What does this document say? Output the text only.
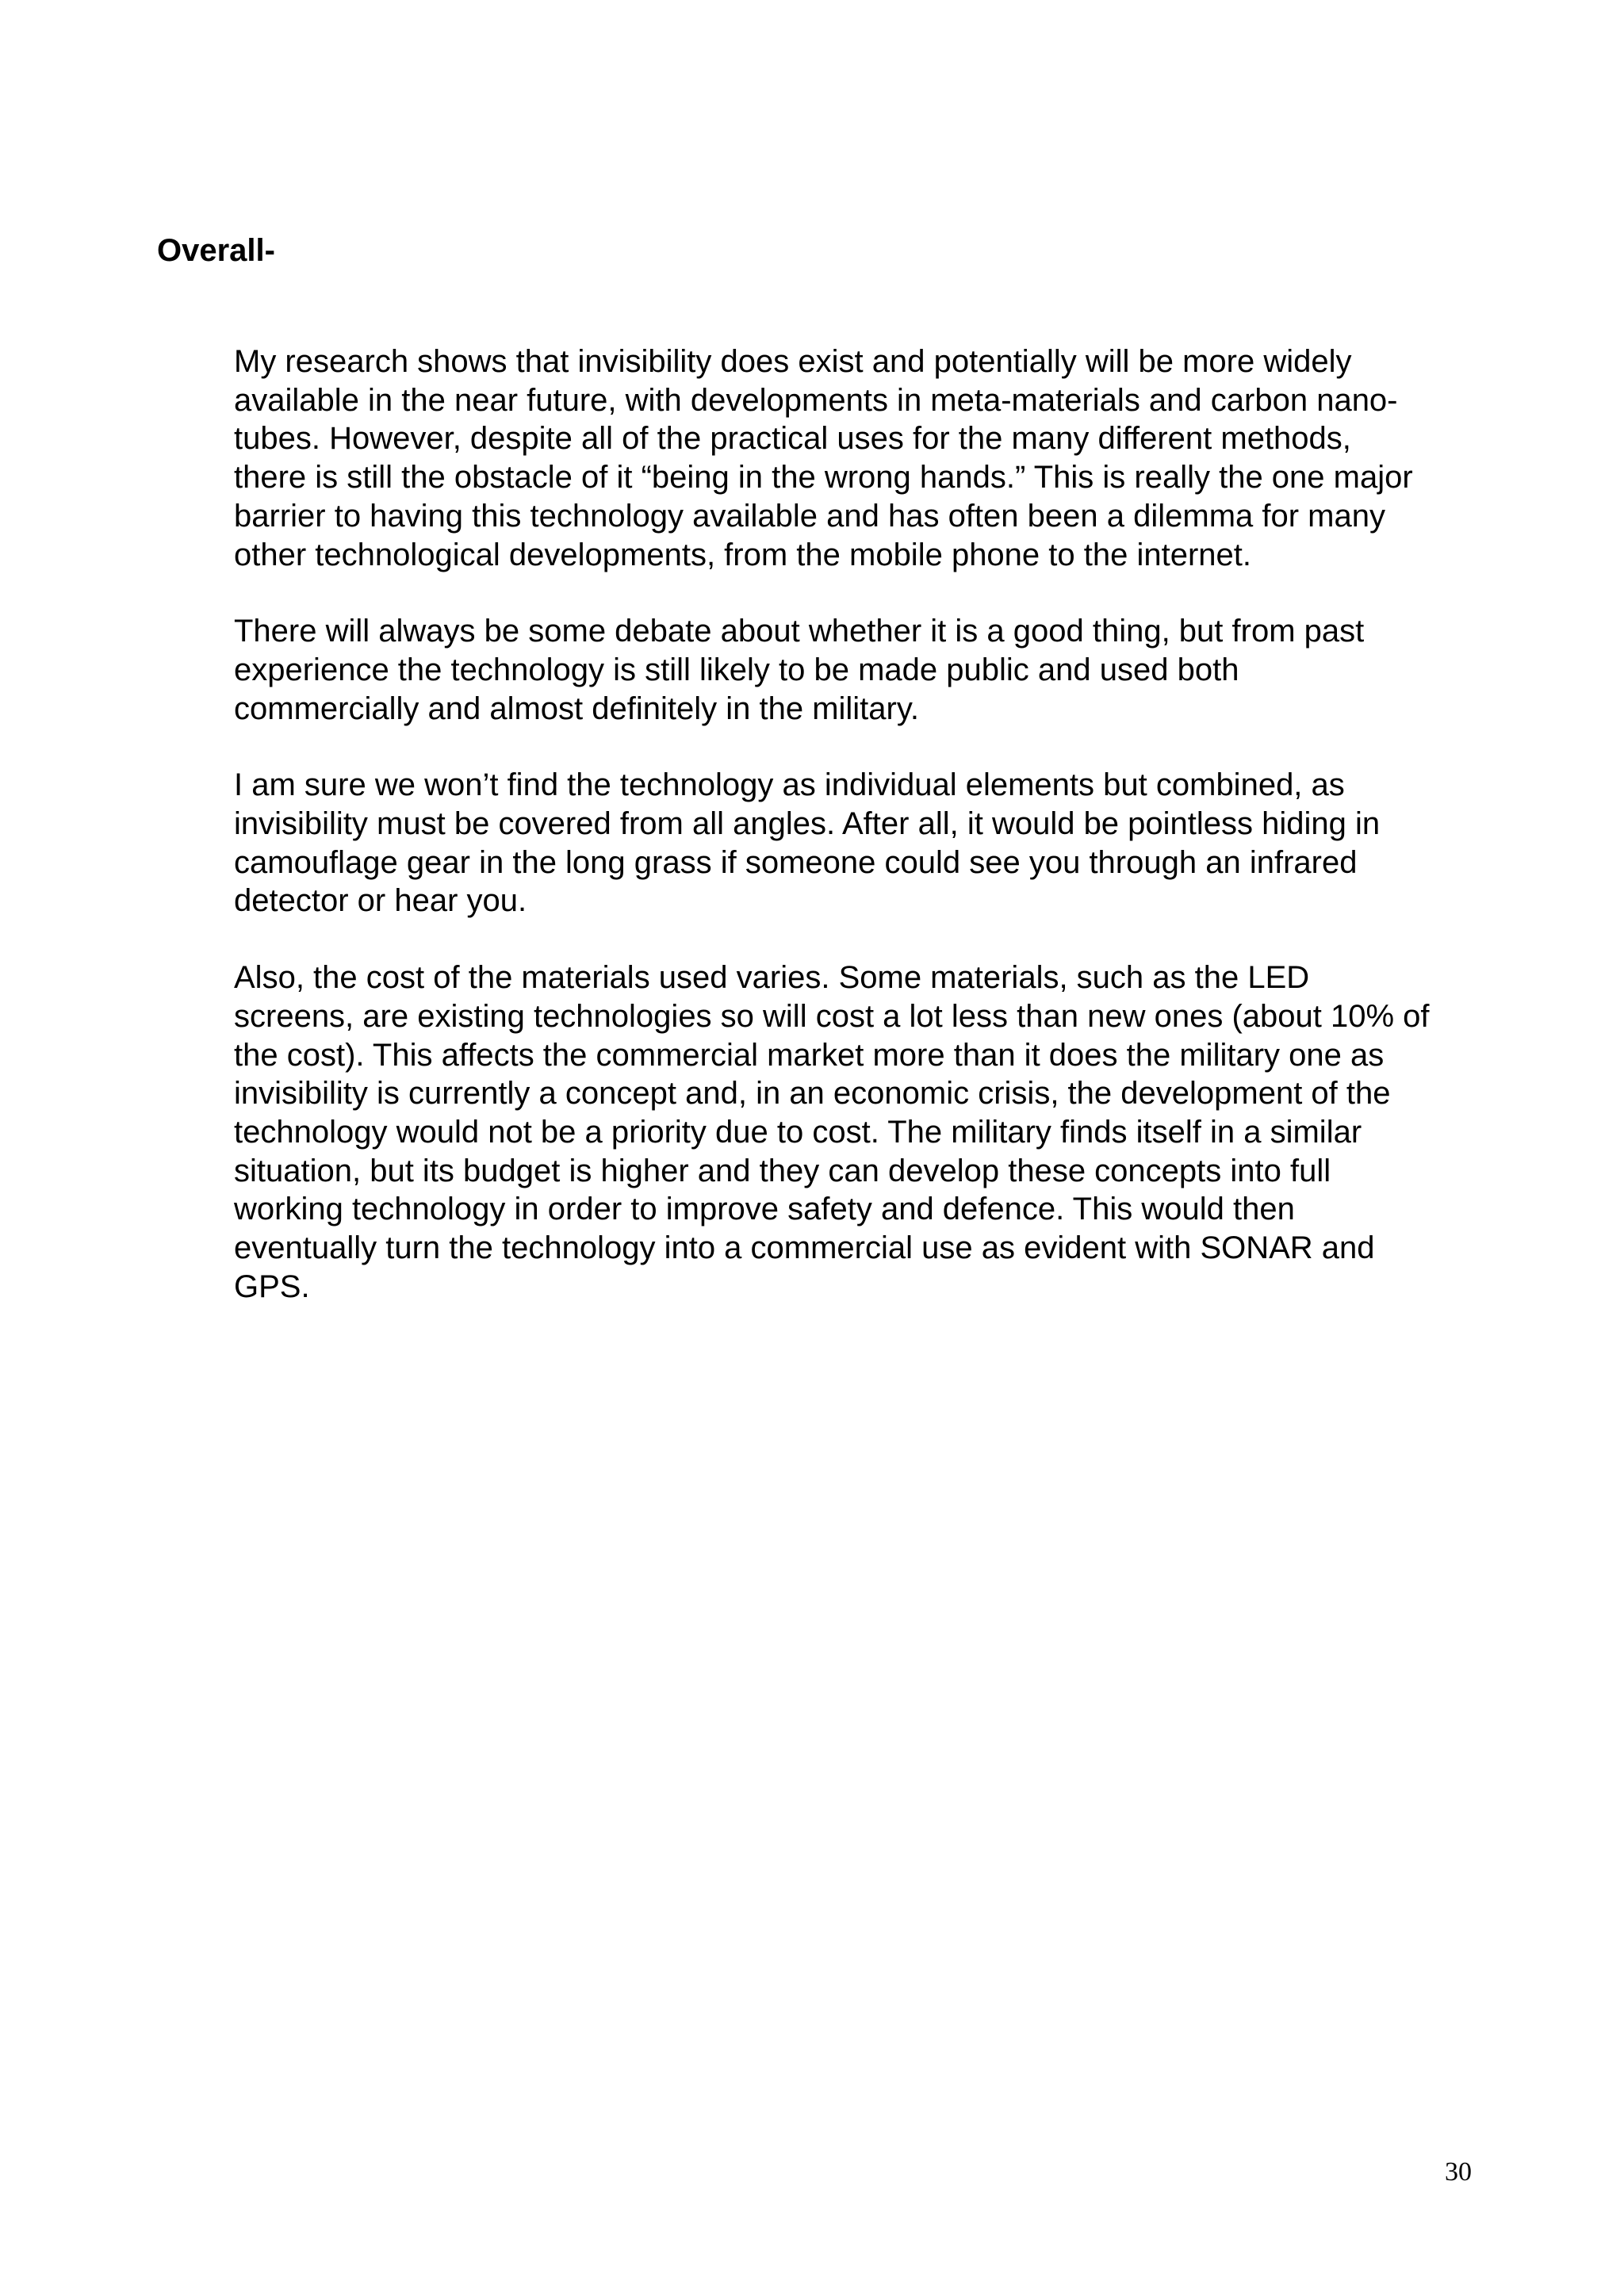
Overall-

My research shows that invisibility does exist and potentially will be more widely
available in the near future, with developments in meta-materials and carbon nano-
tubes. However, despite all of the practical uses for the many different methods,
there is still the obstacle of it “being in the wrong hands.” This is really the one major
barrier to having this technology available and has often been a dilemma for many
other technological developments, from the mobile phone to the internet.

There will always be some debate about whether it is a good thing, but from past
experience the technology is still likely to be made public and used both
commercially and almost definitely in the military.

I am sure we won’t find the technology as individual elements but combined, as
invisibility must be covered from all angles. After all, it would be pointless hiding in
camouflage gear in the long grass if someone could see you through an infrared
detector or hear you.

Also, the cost of the materials used varies. Some materials, such as the LED
screens, are existing technologies so will cost a lot less than new ones (about 10% of
the cost). This affects the commercial market more than it does the military one as
invisibility is currently a concept and, in an economic crisis, the development of the
technology would not be a priority due to cost. The military finds itself in a similar
situation, but its budget is higher and they can develop these concepts into full
working technology in order to improve safety and defence. This would then
eventually turn the technology into a commercial use as evident with SONAR and
GPS.

30
